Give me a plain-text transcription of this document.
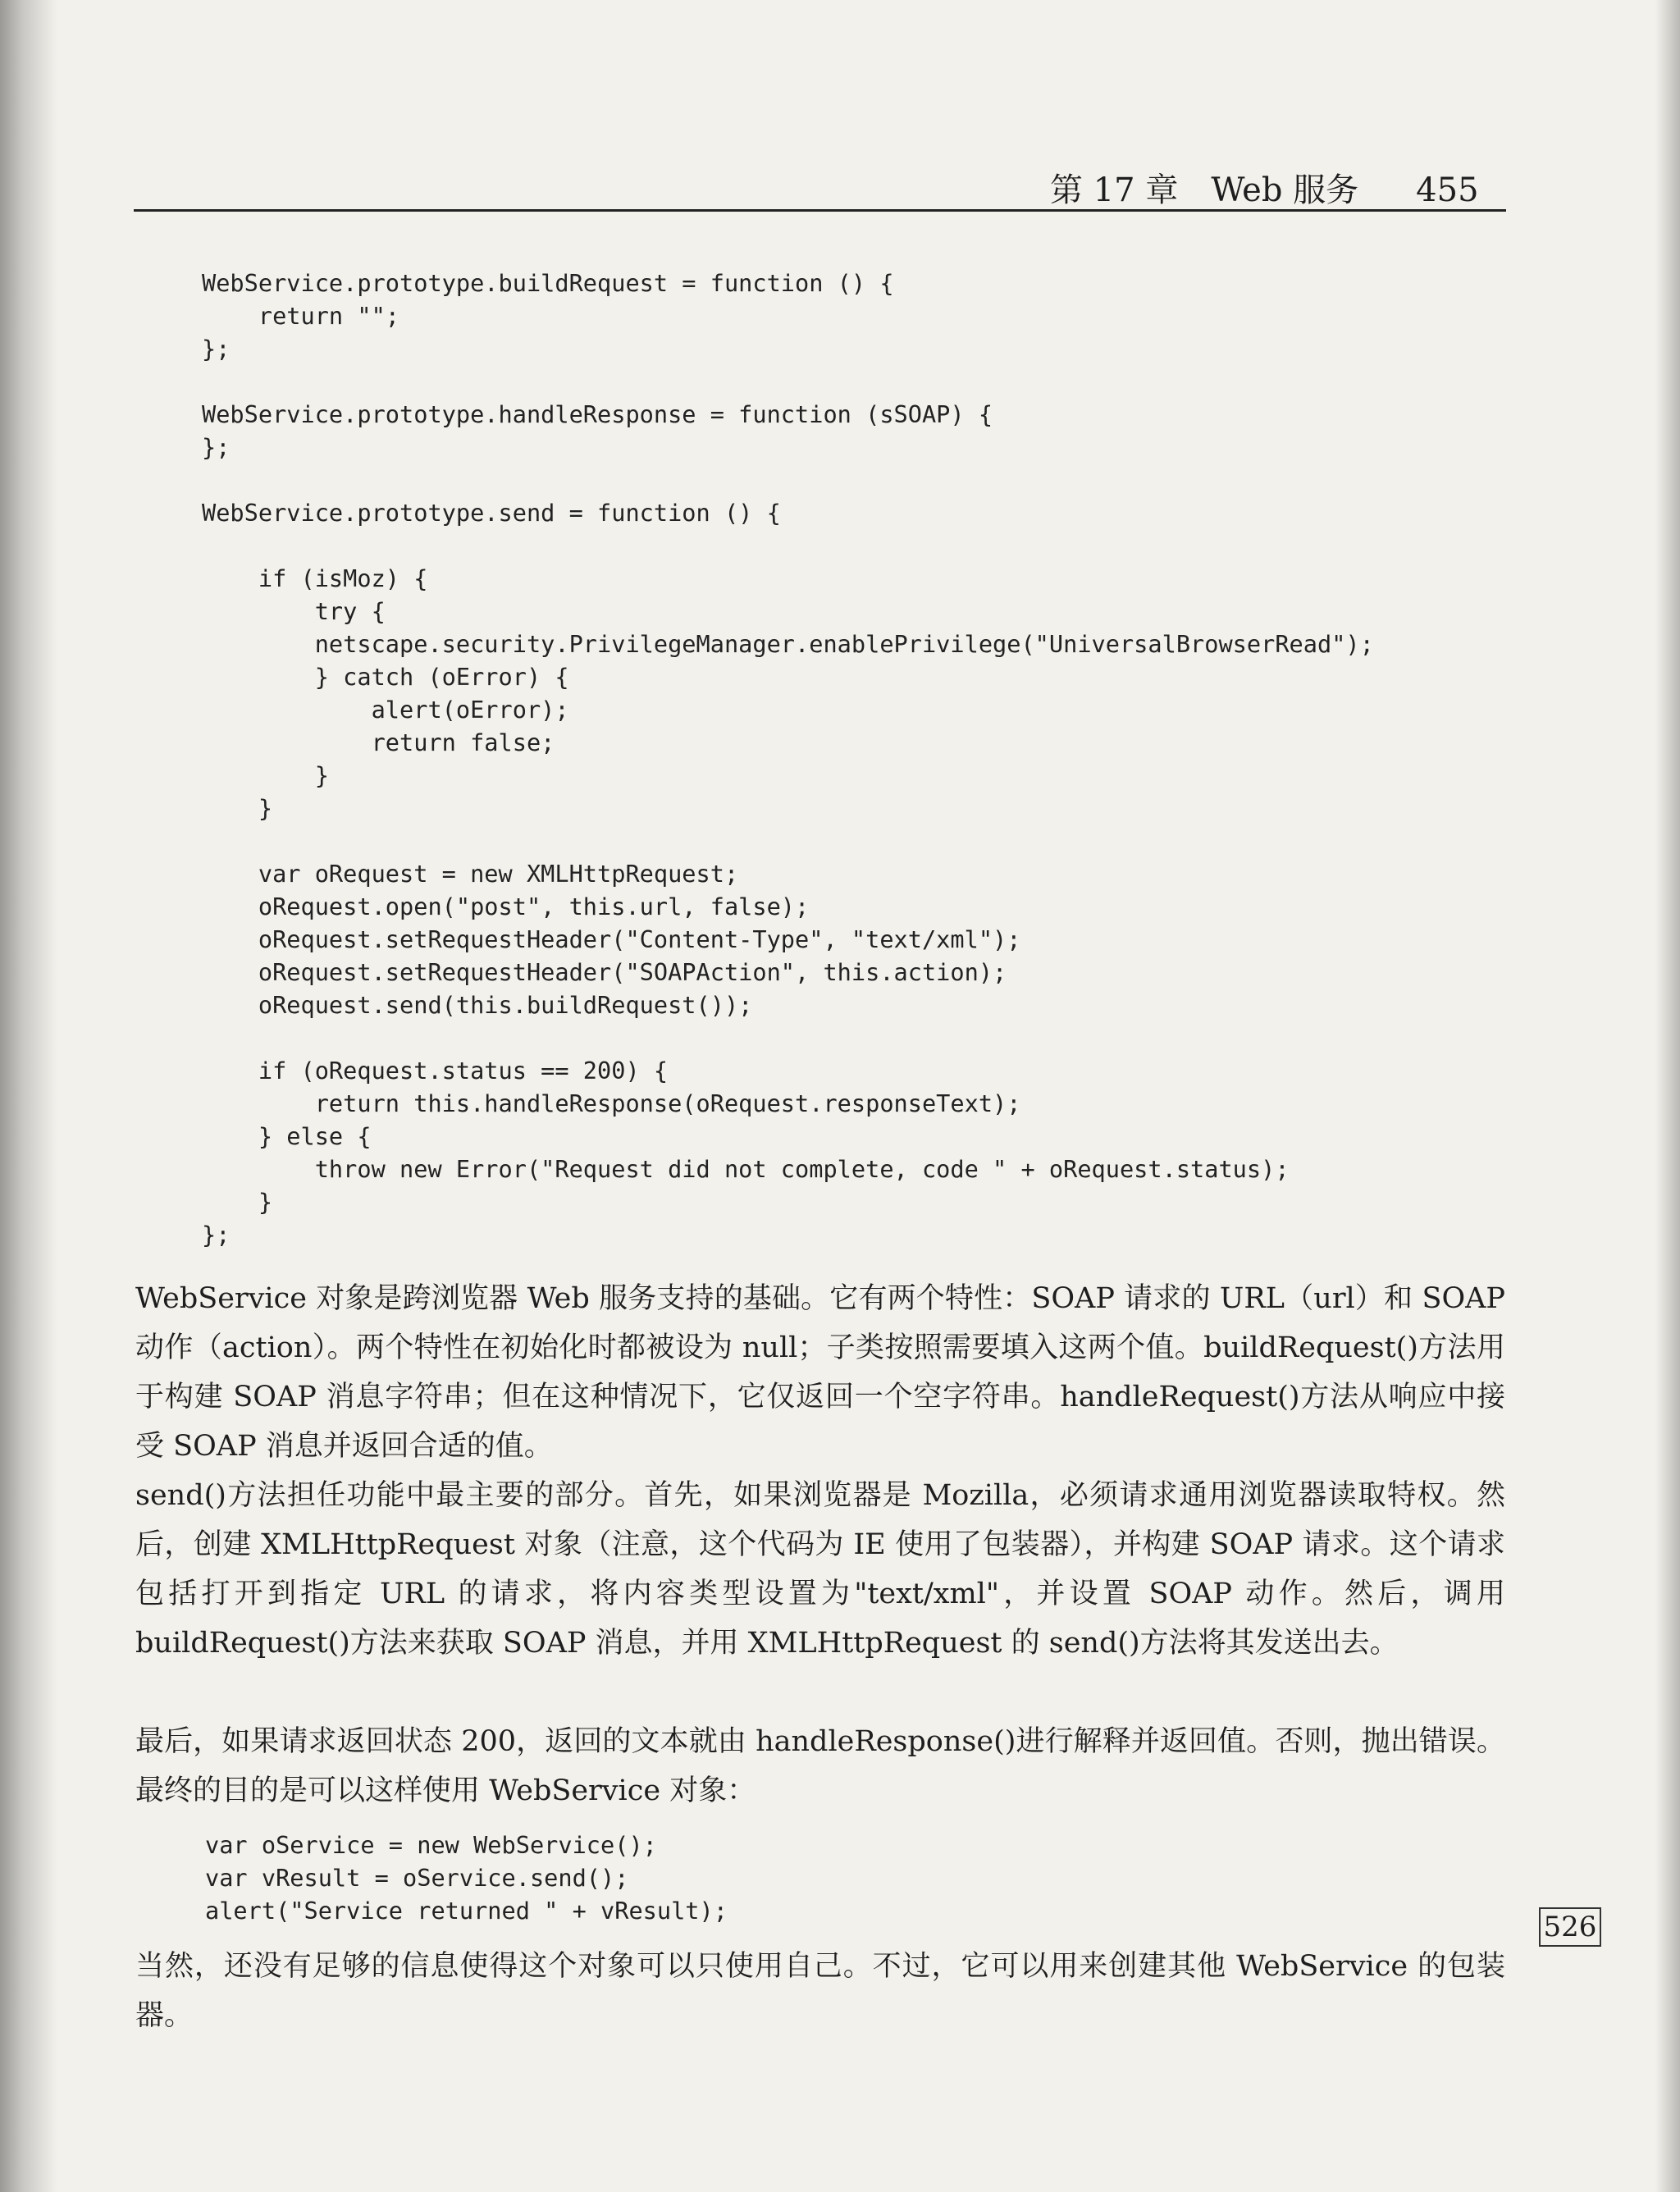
第 17 章 Web 服务 455
WebService.prototype.buildRequest = function () {
return "";
};

WebService.prototype.handleResponse = function (sSOAP) {
};

WebService.prototype.send = function () {

if (isMoz) {
try {
netscape.security.PrivilegeManager.enablePrivilege("UniversalBrowserRead");
} catch (oError) {
alert(oError);
return false;
}
}

var oRequest = new XMLHttpRequest;
oRequest.open("post", this.url, false);
oRequest.setRequestHeader("Content-Type", "text/xml");
oRequest.setRequestHeader("SOAPAction", this.action);
oRequest.send(this.buildRequest());

if (oRequest.status == 200) {
return this.handleResponse(oRequest.responseText);
} else {
throw new Error("Request did not complete, code " + oRequest.status);
}
};

WebService 对象是跨浏览器 Web 服务支持的基础。它有两个特性：SOAP 请求的 URL（url）和 SOAP 动作（action）。两个特性在初始化时都被设为 null；子类按照需要填入这两个值。buildRequest()方法用于构建 SOAP 消息字符串；但在这种情况下，它仅返回一个空字符串。handleRequest()方法从响应中接受 SOAP 消息并返回合适的值。

send()方法担任功能中最主要的部分。首先，如果浏览器是 Mozilla，必须请求通用浏览器读取特权。然后，创建 XMLHttpRequest 对象（注意，这个代码为 IE 使用了包装器），并构建 SOAP 请求。这个请求包括打开到指定 URL 的请求，将内容类型设置为"text/xml"，并设置 SOAP 动作。然后，调用 buildRequest()方法来获取 SOAP 消息，并用 XMLHttpRequest 的 send()方法将其发送出去。

最后，如果请求返回状态 200，返回的文本就由 handleResponse()进行解释并返回值。否则，抛出错误。最终的目的是可以这样使用 WebService 对象：

var oService = new WebService();
var vResult = oService.send();
alert("Service returned " + vResult);	526

当然，还没有足够的信息使得这个对象可以只使用自己。不过，它可以用来创建其他 WebService 的包装器。
